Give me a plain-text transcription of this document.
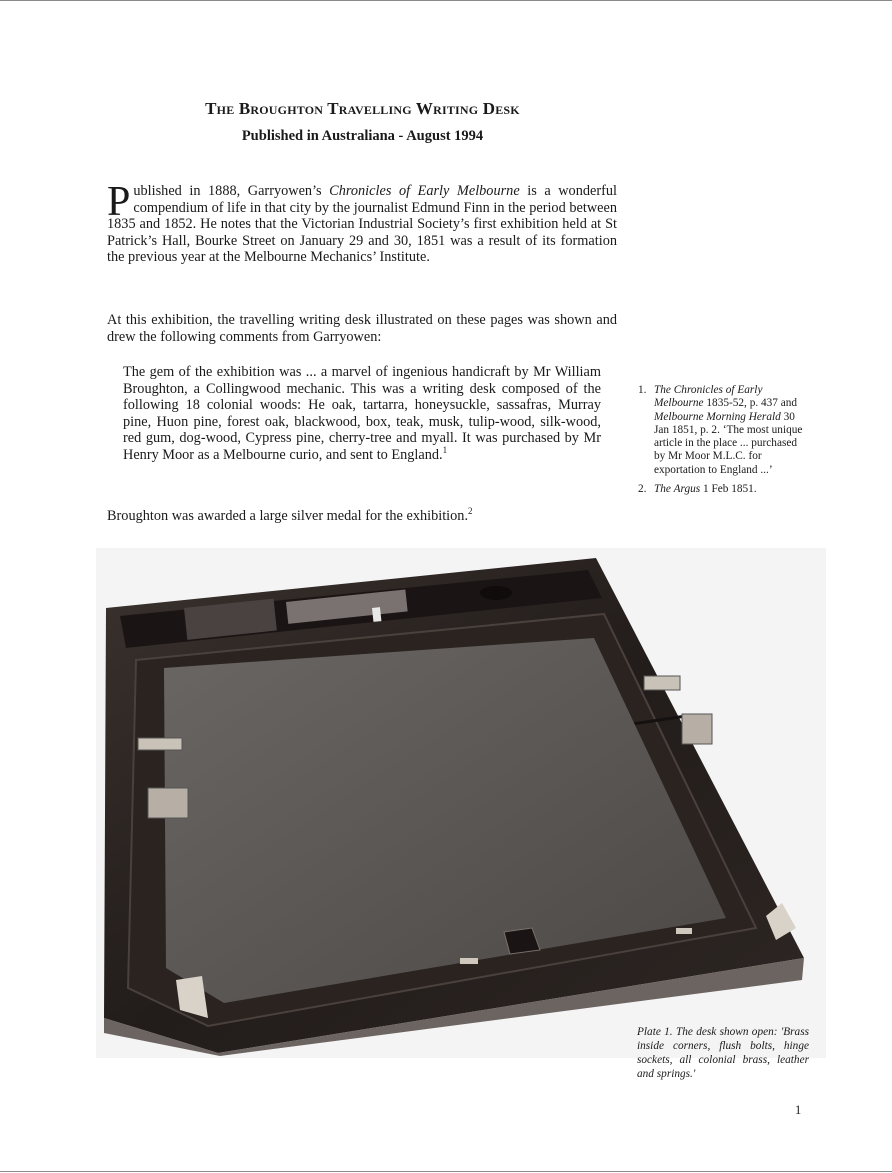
The Broughton Travelling Writing Desk
Published in Australiana - August 1994

Published in 1888, Garryowen’s Chronicles of Early Melbourne is a wonderful compendium of life in that city by the journalist Edmund Finn in the period between 1835 and 1852. He notes that the Victorian Industrial Society’s first exhibition held at St Patrick’s Hall, Bourke Street on January 29 and 30, 1851 was a result of its formation the previous year at the Melbourne Mechanics’ Institute.

At this exhibition, the travelling writing desk illustrated on these pages was shown and drew the following comments from Garryowen:

The gem of the exhibition was ... a marvel of ingenious handicraft by Mr William Broughton, a Collingwood mechanic. This was a writing desk composed of the following 18 colonial woods: He oak, tartarra, honeysuckle, sassafras, Murray pine, Huon pine, forest oak, blackwood, box, teak, musk, tulip-wood, silk-wood, red gum, dog-wood, Cypress pine, cherry-tree and myall. It was purchased by Mr Henry Moor as a Melbourne curio, and sent to England.$^1$

Broughton was awarded a large silver medal for the exhibition.$^2$

1. The Chronicles of Early Melbourne 1835-52, p. 437 and Melbourne Morning Herald 30 Jan 1851, p. 2. ‘The most unique article in the place ... purchased by Mr Moor M.L.C. for exportation to England ...’
2. The Argus 1 Feb 1851.
Plate 1. The desk shown open: 'Brass inside corners, flush bolts, hinge sockets, all colonial brass, leather and springs.'
1
